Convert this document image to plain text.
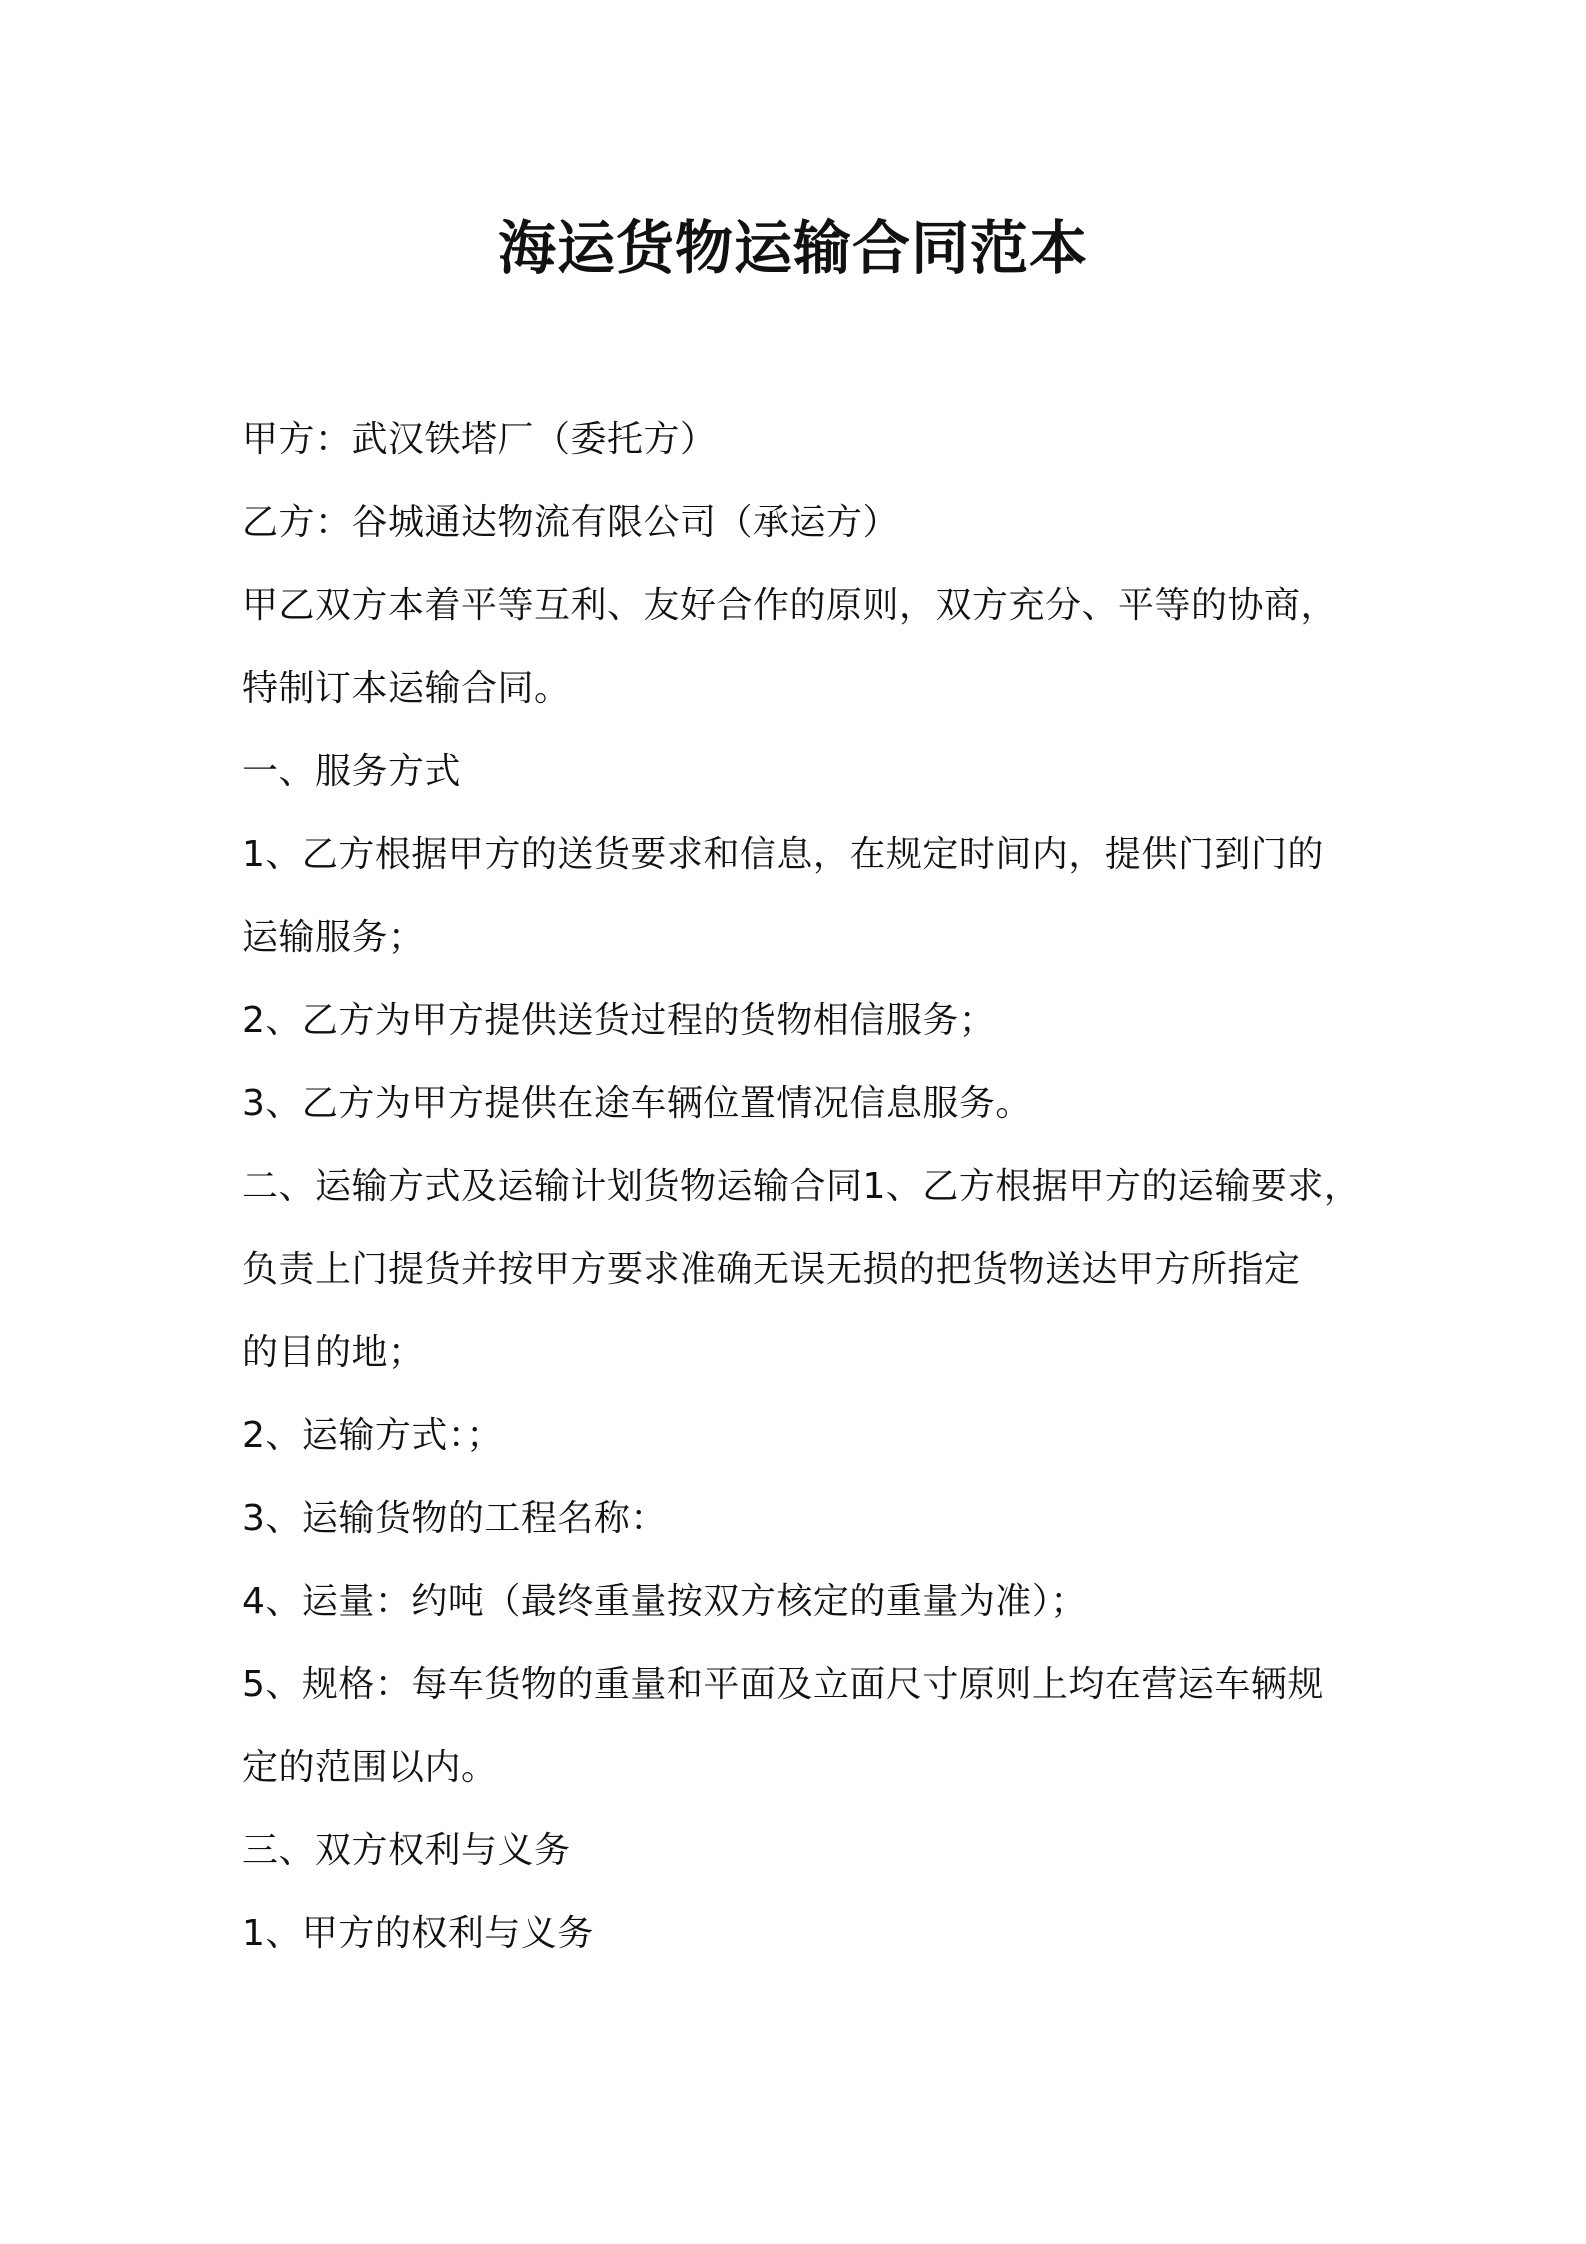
海运货物运输合同范本
甲方：武汉铁塔厂（委托方）
乙方：谷城通达物流有限公司（承运方）
甲乙双方本着平等互利、友好合作的原则，双方充分、平等的协商，
特制订本运输合同。
一、服务方式
1、乙方根据甲方的送货要求和信息，在规定时间内，提供门到门的
运输服务；
2、乙方为甲方提供送货过程的货物相信服务；
3、乙方为甲方提供在途车辆位置情况信息服务。
二、运输方式及运输计划货物运输合同1、乙方根据甲方的运输要求，
负责上门提货并按甲方要求准确无误无损的把货物送达甲方所指定
的目的地；
2、运输方式：；
3、运输货物的工程名称：
4、运量：约吨（最终重量按双方核定的重量为准）；
5、规格：每车货物的重量和平面及立面尺寸原则上均在营运车辆规
定的范围以内。
三、双方权利与义务
1、甲方的权利与义务
